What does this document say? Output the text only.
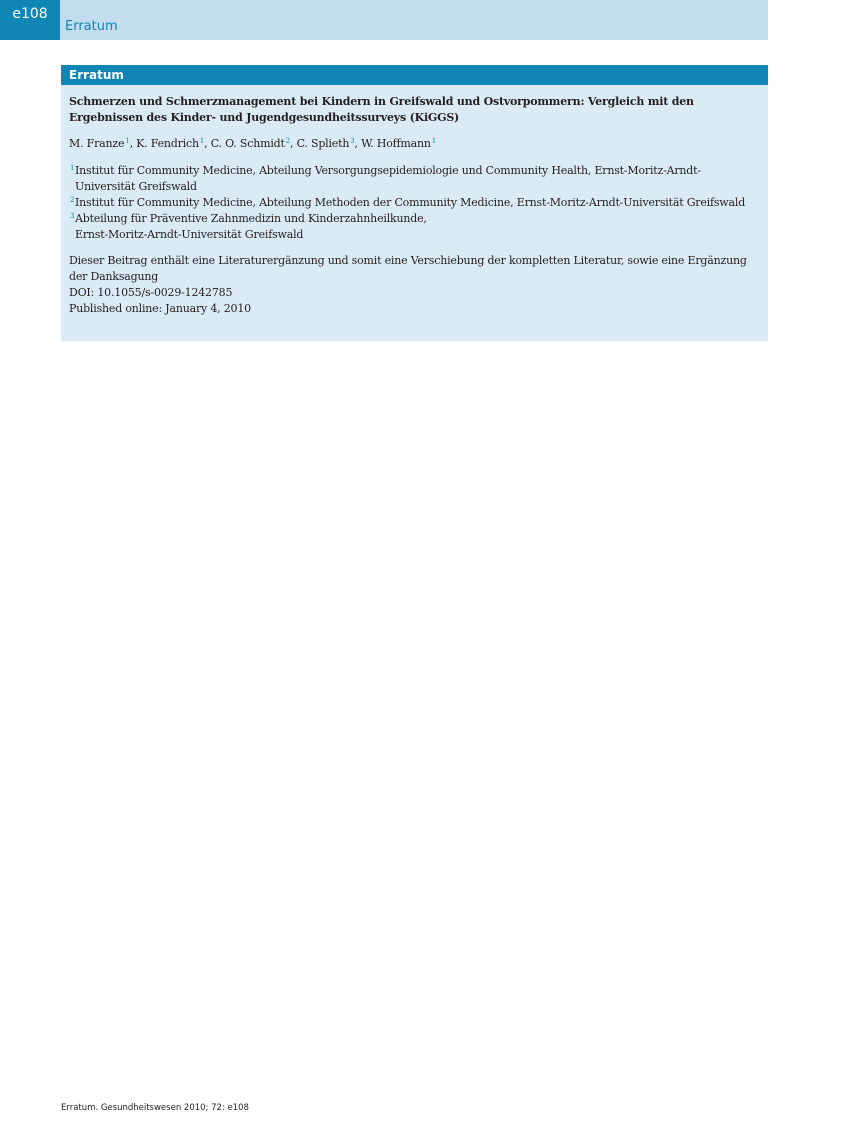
e108
Erratum
Erratum

Schmerzen und Schmerzmanagement bei Kindern in Greifswald und Ostvorpommern: Vergleich mit den Ergebnissen des Kinder- und Jugendgesundheitssurveys (KiGGS)

M. Franze$^1$, K. Fendrich$^1$, C. O. Schmidt$^2$, C. Splieth$^3$, W. Hoffmann$^1$

1 Institut für Community Medicine, Abteilung Versorgungsepidemiologie und Community Health, Ernst-Moritz-Arndt-Universität Greifswald
2 Institut für Community Medicine, Abteilung Methoden der Community Medicine, Ernst-Moritz-Arndt-Universität Greifswald
3 Abteilung für Präventive Zahnmedizin und Kinderzahnheilkunde,
Ernst-Moritz-Arndt-Universität Greifswald
Dieser Beitrag enthält eine Literaturergänzung und somit eine Verschiebung der kompletten Literatur, sowie eine Ergänzung der Danksagung
DOI: 10.1055/s-0029-1242785
Published online: January 4, 2010
Erratum. Gesundheitswesen 2010; 72: e108
